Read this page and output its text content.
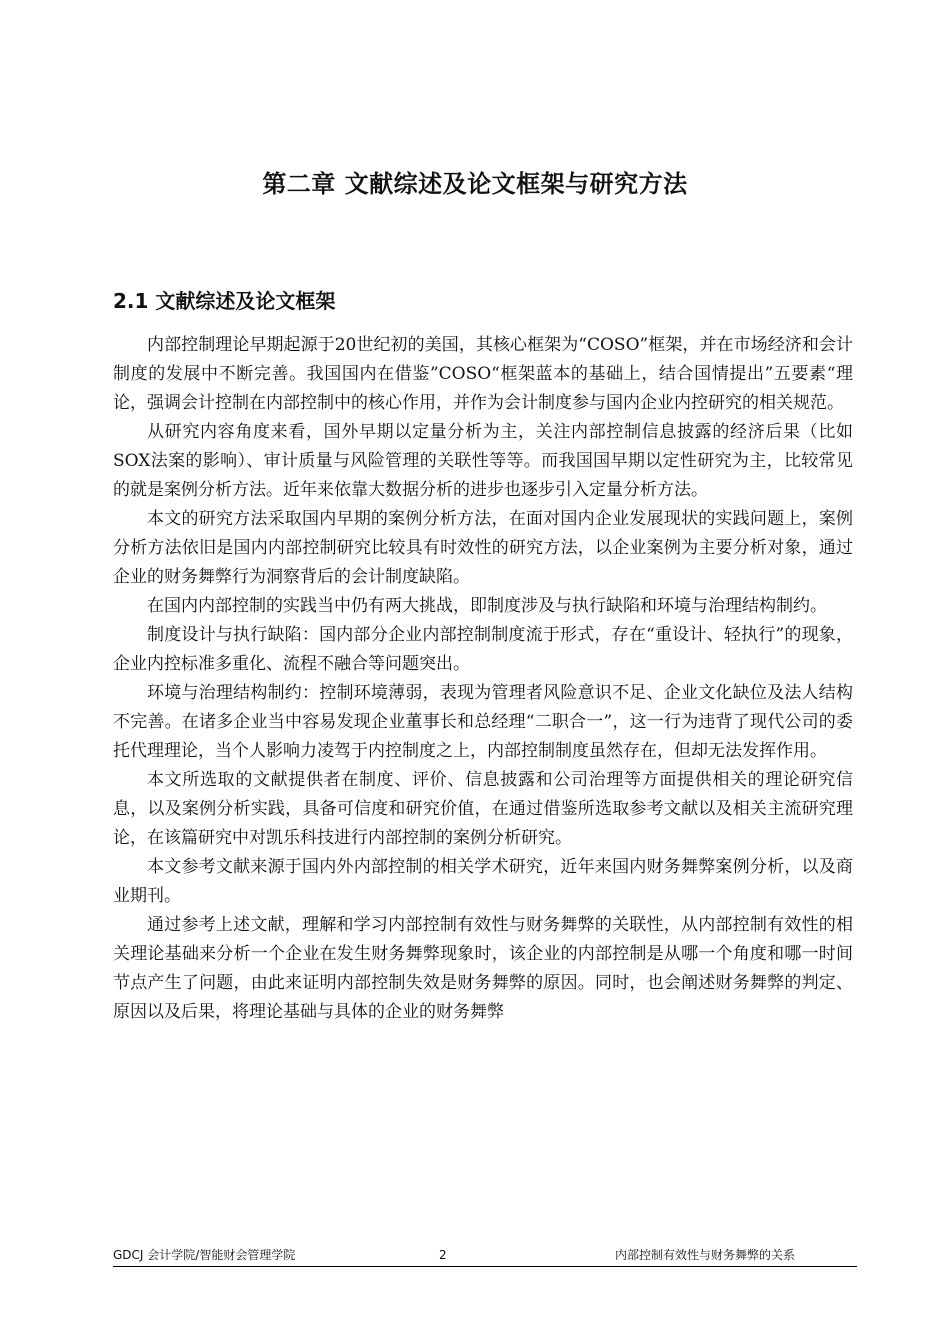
第二章 文献综述及论文框架与研究方法
2.1 文献综述及论文框架

内部控制理论早期起源于20世纪初的美国，其核心框架为“COSO”框架，并在市场经济和会计制度的发展中不断完善。我国国内在借鉴”COSO“框架蓝本的基础上，结合国情提出”五要素“理论，强调会计控制在内部控制中的核心作用，并作为会计制度参与国内企业内控研究的相关规范。

从研究内容角度来看，国外早期以定量分析为主，关注内部控制信息披露的经济后果（比如SOX法案的影响）、审计质量与风险管理的关联性等等。而我国国早期以定性研究为主，比较常见的就是案例分析方法。近年来依靠大数据分析的进步也逐步引入定量分析方法。

本文的研究方法采取国内早期的案例分析方法，在面对国内企业发展现状的实践问题上，案例分析方法依旧是国内内部控制研究比较具有时效性的研究方法，以企业案例为主要分析对象，通过企业的财务舞弊行为洞察背后的会计制度缺陷。

在国内内部控制的实践当中仍有两大挑战，即制度涉及与执行缺陷和环境与治理结构制约。

制度设计与执行缺陷：国内部分企业内部控制制度流于形式，存在“重设计、轻执行”的现象，企业内控标准多重化、流程不融合等问题突出。

环境与治理结构制约：控制环境薄弱，表现为管理者风险意识不足、企业文化缺位及法人结构不完善。在诸多企业当中容易发现企业董事长和总经理“二职合一”，这一行为违背了现代公司的委托代理理论，当个人影响力凌驾于内控制度之上，内部控制制度虽然存在，但却无法发挥作用。

本文所选取的文献提供者在制度、评价、信息披露和公司治理等方面提供相关的理论研究信息，以及案例分析实践，具备可信度和研究价值，在通过借鉴所选取参考文献以及相关主流研究理论，在该篇研究中对凯乐科技进行内部控制的案例分析研究。

本文参考文献来源于国内外内部控制的相关学术研究，近年来国内财务舞弊案例分析，以及商业期刊。

通过参考上述文献，理解和学习内部控制有效性与财务舞弊的关联性，从内部控制有效性的相关理论基础来分析一个企业在发生财务舞弊现象时，该企业的内部控制是从哪一个角度和哪一时间节点产生了问题，由此来证明内部控制失效是财务舞弊的原因。同时，也会阐述财务舞弊的判定、原因以及后果，将理论基础与具体的企业的财务舞弊

GDCJ 会计学院/智能财会管理学院	2	内部控制有效性与财务舞弊的关系
